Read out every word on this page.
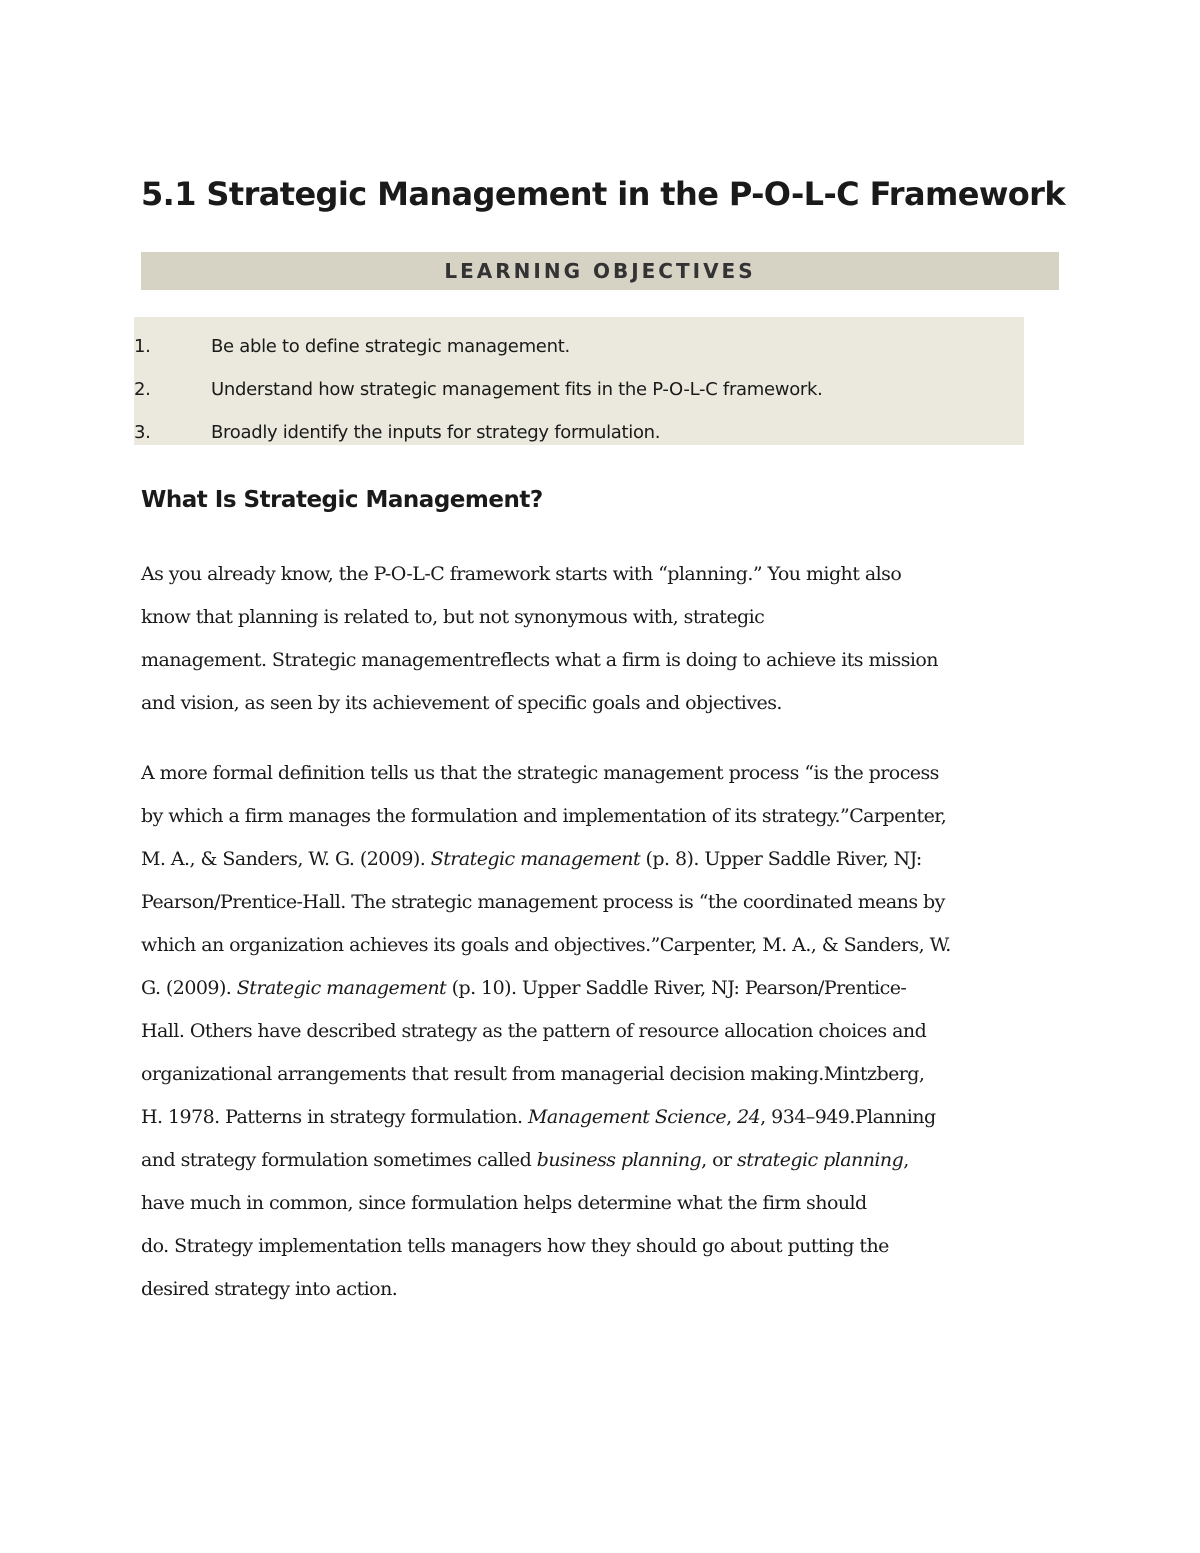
5.1 Strategic Management in the P-O-L-C Framework
LEARNING OBJECTIVES
1.	Be able to define strategic management.
2.	Understand how strategic management fits in the P-O-L-C framework.
3.	Broadly identify the inputs for strategy formulation.
What Is Strategic Management?

As you already know, the P-O-L-C framework starts with “planning.” You might also
know that planning is related to, but not synonymous with, strategic
management. Strategic managementreflects what a firm is doing to achieve its mission
and vision, as seen by its achievement of specific goals and objectives.

A more formal definition tells us that the strategic management process “is the process
by which a firm manages the formulation and implementation of its strategy.”Carpenter,
M. A., & Sanders, W. G. (2009). Strategic management (p. 8). Upper Saddle River, NJ:
Pearson/Prentice-Hall. The strategic management process is “the coordinated means by
which an organization achieves its goals and objectives.”Carpenter, M. A., & Sanders, W.
G. (2009). Strategic management (p. 10). Upper Saddle River, NJ: Pearson/Prentice-
Hall. Others have described strategy as the pattern of resource allocation choices and
organizational arrangements that result from managerial decision making.Mintzberg,
H. 1978. Patterns in strategy formulation. Management Science, 24, 934–949.Planning
and strategy formulation sometimes called business planning, or strategic planning,
have much in common, since formulation helps determine what the firm should
do. Strategy implementation tells managers how they should go about putting the
desired strategy into action.
